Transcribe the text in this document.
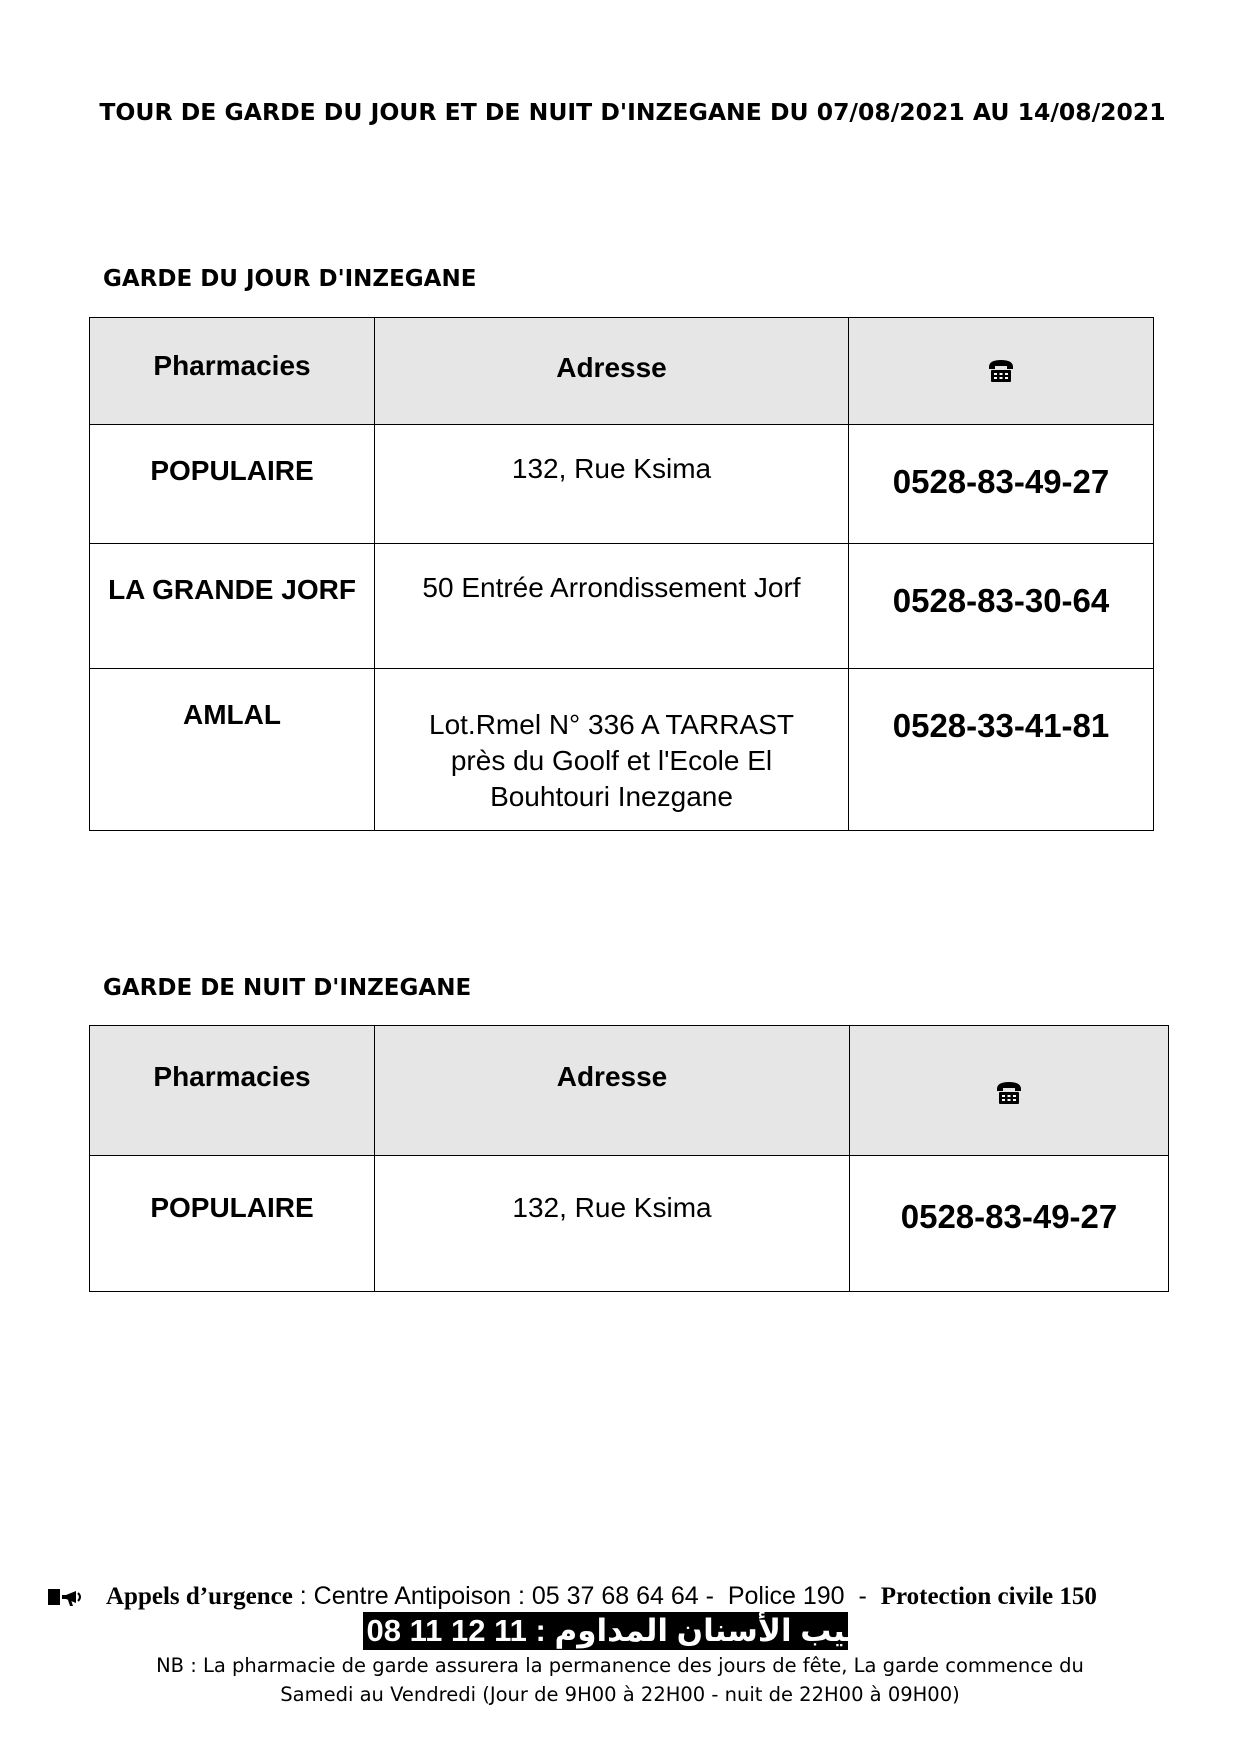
TOUR DE GARDE DU JOUR ET DE NUIT D'INZEGANE DU 07/08/2021 AU 14/08/2021
GARDE DU JOUR D'INZEGANE
Pharmacies	Adresse

POPULAIRE	132, Rue Ksima	0528-83-49-27

LA GRANDE JORF	50 Entrée Arrondissement Jorf	0528-83-30-64

AMLAL	Lot.Rmel N° 336 A TARRAST
près du Goolf et l'Ecole El
Bouhtouri Inezgane	0528-33-41-81
GARDE DE NUIT D'INZEGANE
Pharmacies	Adresse

POPULAIRE	132, Rue Ksima	0528-83-49-27
Appels d’urgence : Centre Antipoison : 05 37 68 64 64 -  Police 190  -  Protection civile 150
طبيب الأسنان المداوم : 11 12 11 08 06
NB : La pharmacie de garde assurera la permanence des jours de fête, La garde commence du
Samedi au Vendredi (Jour de 9H00 à 22H00 - nuit de 22H00 à 09H00)
